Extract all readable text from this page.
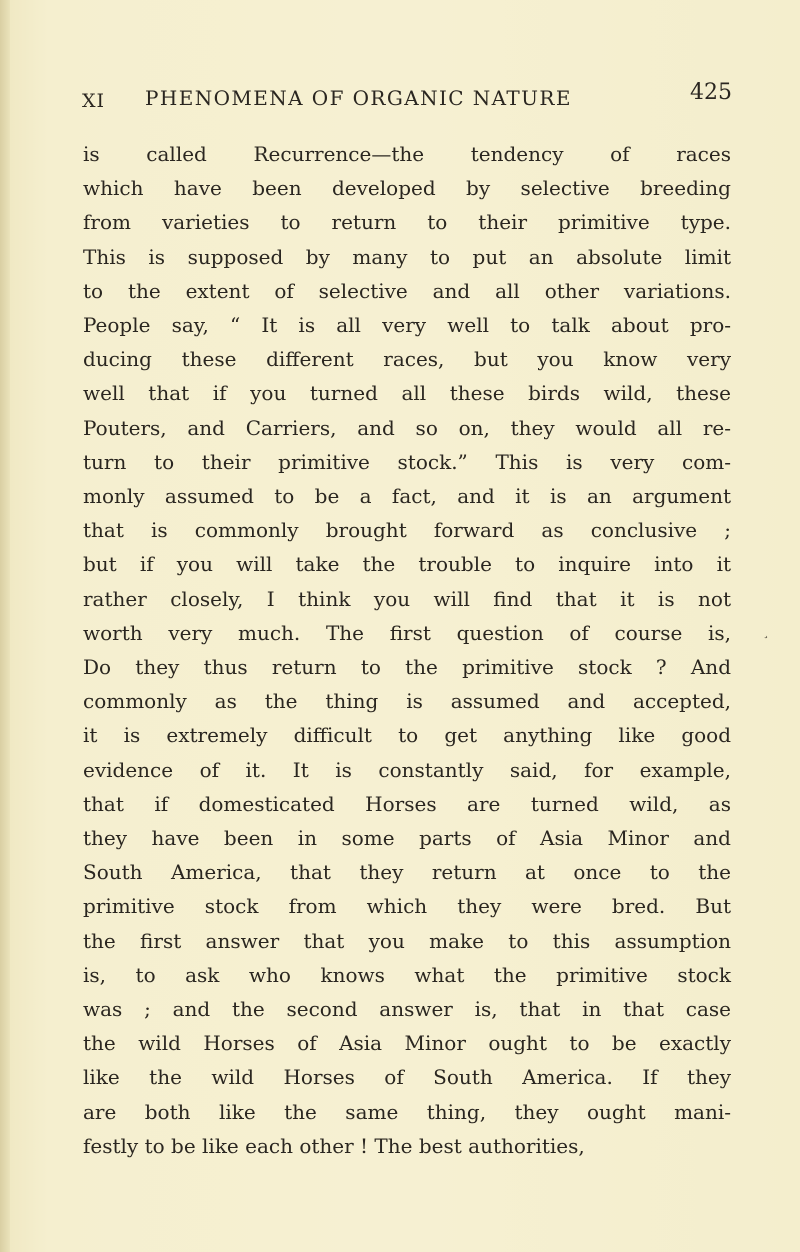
XI PHENOMENA OF ORGANIC NATURE	425

is called Recurrence—the tendency of races
which have been developed by selective breeding
from varieties to return to their primitive type.
This is supposed by many to put an absolute limit
to the extent of selective and all other variations.
People say, “ It is all very well to talk about pro-
ducing these different races, but you know very
well that if you turned all these birds wild, these
Pouters, and Carriers, and so on, they would all re-
turn to their primitive stock.” This is very com-
monly assumed to be a fact, and it is an argument
that is commonly brought forward as conclusive ;
but if you will take the trouble to inquire into it
rather closely, I think you will find that it is not
worth very much. The first question of course is,
Do they thus return to the primitive stock ? And
commonly as the thing is assumed and accepted,
it is extremely difficult to get anything like good
evidence of it. It is constantly said, for example,
that if domesticated Horses are turned wild, as
they have been in some parts of Asia Minor and
South America, that they return at once to the
primitive stock from which they were bred. But
the first answer that you make to this assumption
is, to ask who knows what the primitive stock
was ; and the second answer is, that in that case
the wild Horses of Asia Minor ought to be exactly
like the wild Horses of South America. If they
are both like the same thing, they ought mani-
festly to be like each other ! The best authorities,

¸
